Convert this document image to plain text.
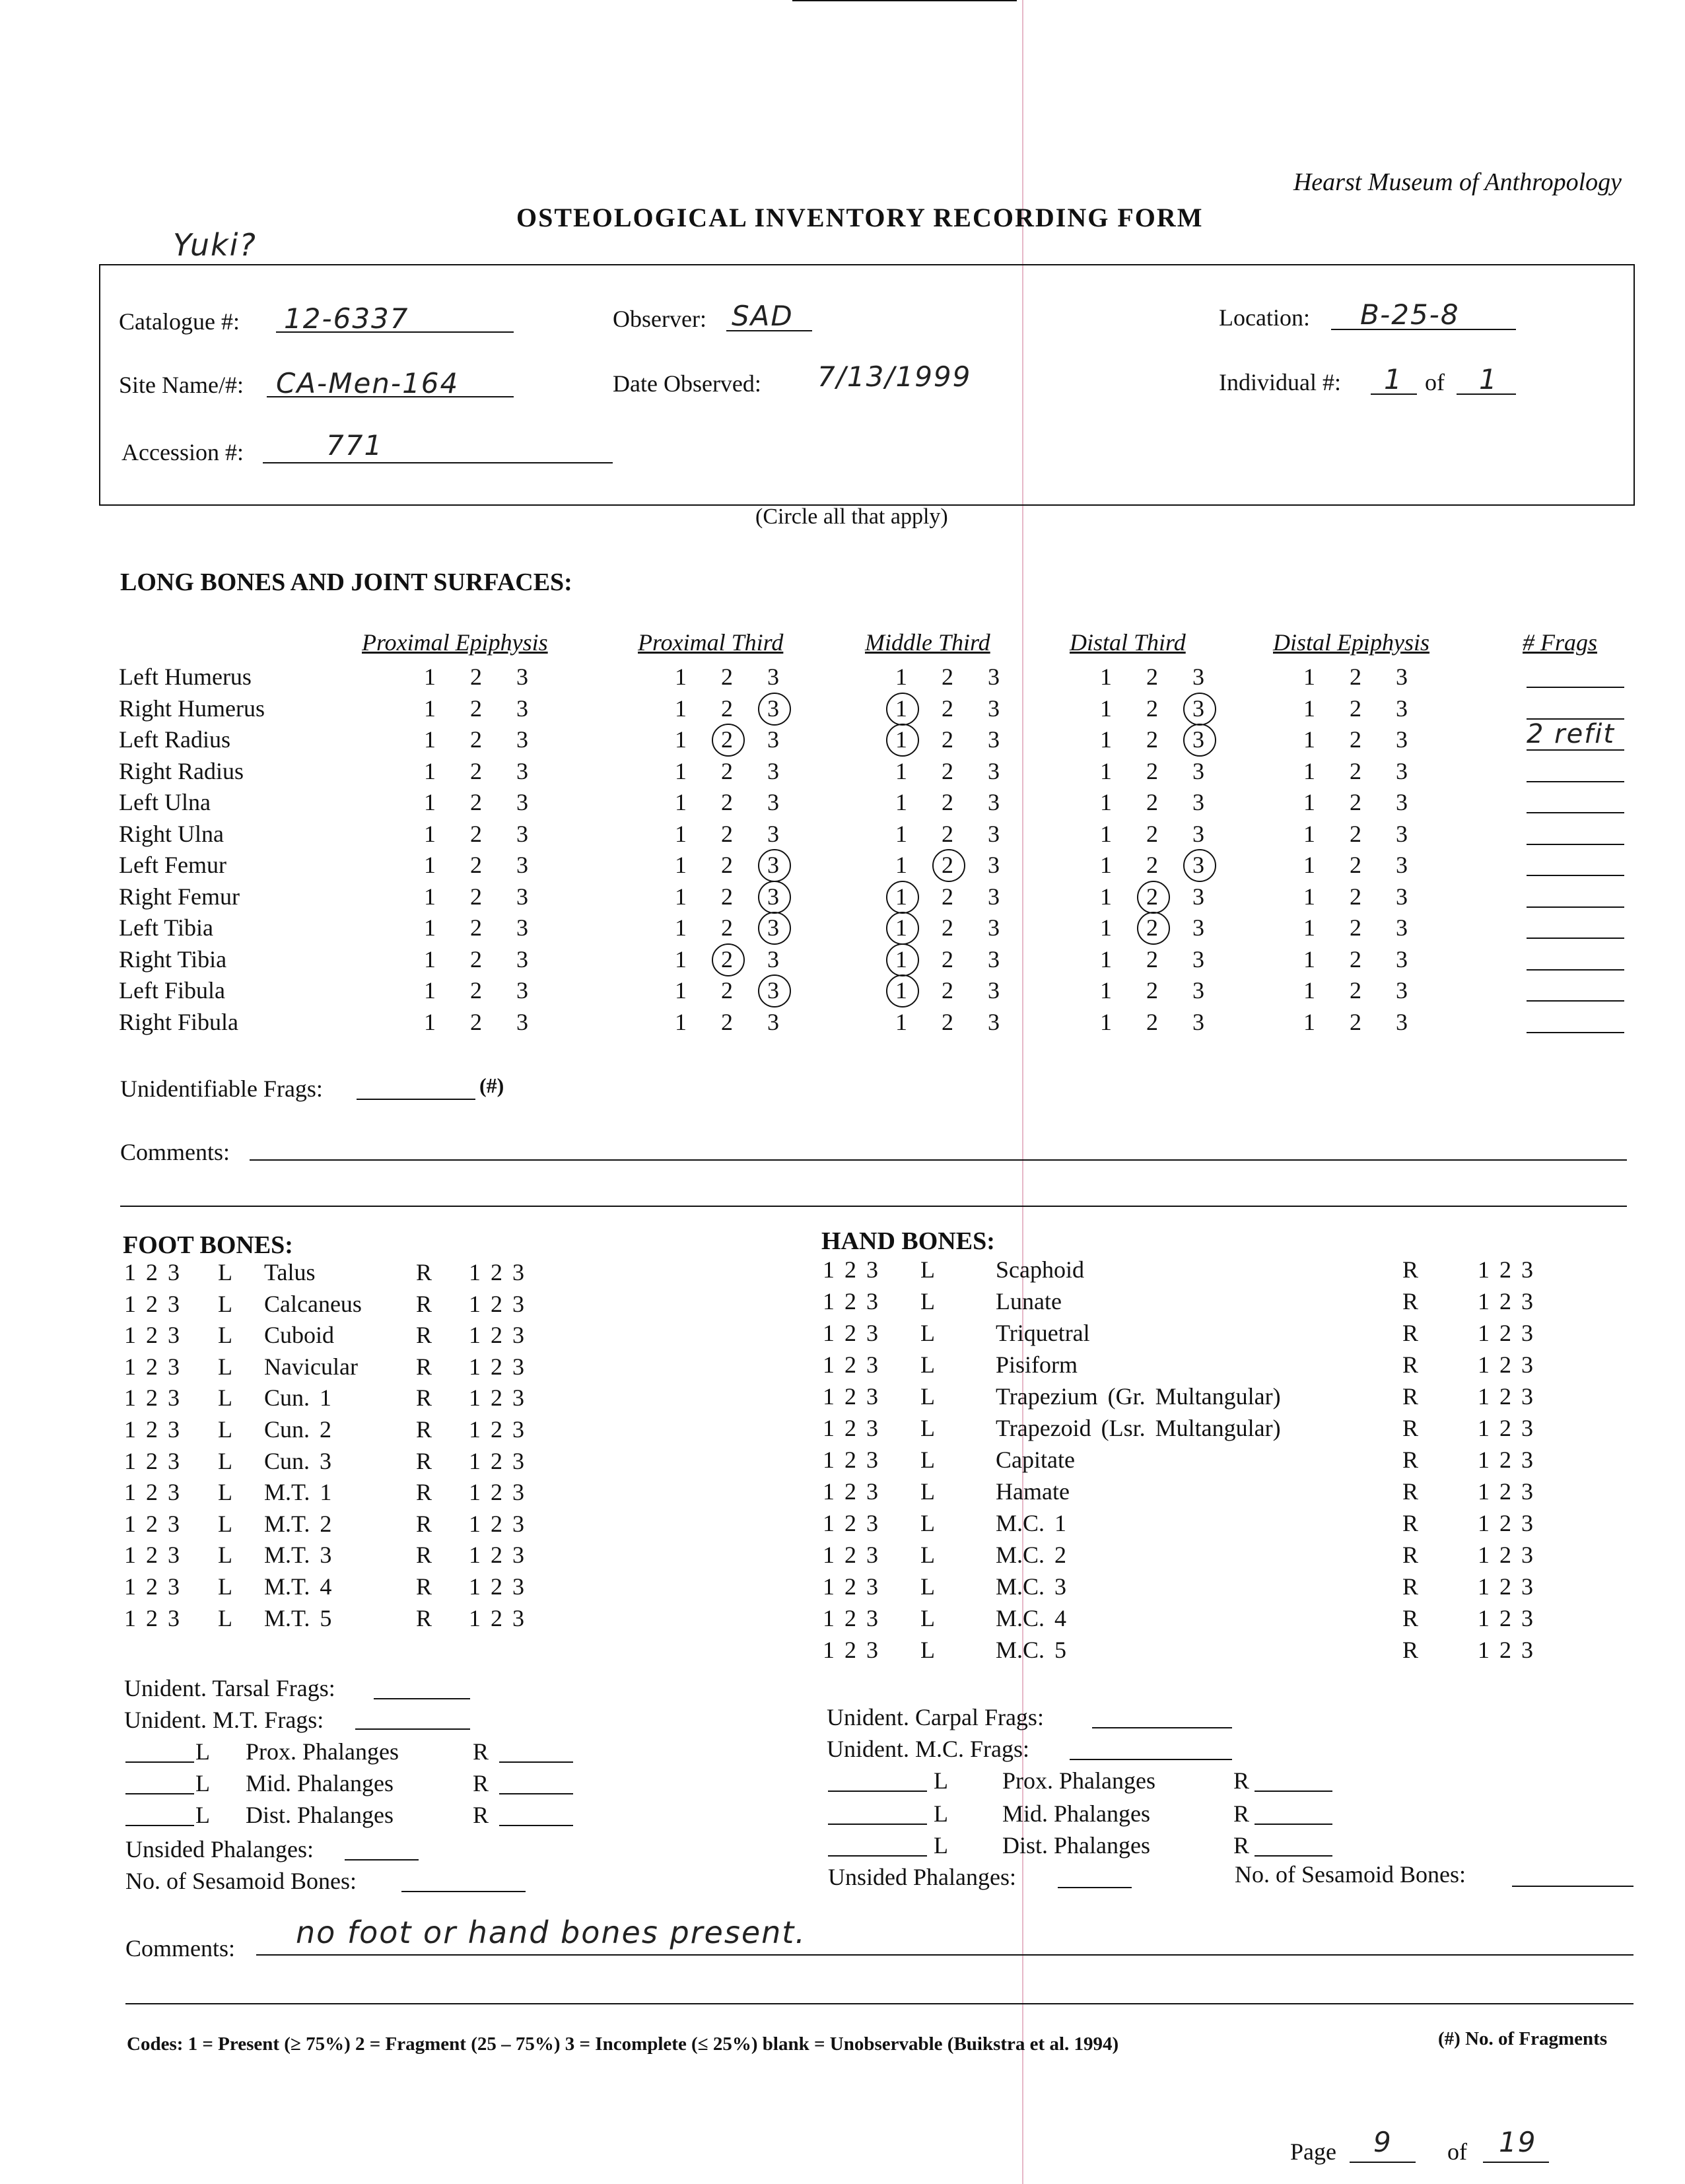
Hearst Museum of Anthropology
OSTEOLOGICAL INVENTORY RECORDING FORM
Yuki?
Catalogue #: 12-6337	Observer: SAD	Location: B-25-8
Site Name/#: CA-Men-164	Date Observed: 7/13/1999	Individual #: 1 of 1
Accession #:	771
(Circle all that apply)
LONG BONES AND JOINT SURFACES:
Proximal Epiphysis	Proximal Third	Middle Third	Distal Third	Distal Epiphysis	# Frags
Left Humerus	1 2 3	1 2 3	1 2 3	1 2 3	1 2 3
Right Humerus	1 2 3	1 2 3	1 2 3	1 2 3	1 2 3
Left Radius	1 2 3	1 2 3	1 2 3	1 2 3	1 2 3	2 refit
Right Radius	1 2 3	1 2 3	1 2 3	1 2 3	1 2 3
Left Ulna	1 2 3	1 2 3	1 2 3	1 2 3	1 2 3
Right Ulna	1 2 3	1 2 3	1 2 3	1 2 3	1 2 3
Left Femur	1 2 3	1 2 3	1 2 3	1 2 3	1 2 3
Right Femur	1 2 3	1 2 3	1 2 3	1 2 3	1 2 3
Left Tibia	1 2 3	1 2 3	1 2 3	1 2 3	1 2 3
Right Tibia	1 2 3	1 2 3	1 2 3	1 2 3	1 2 3
Left Fibula	1 2 3	1 2 3	1 2 3	1 2 3	1 2 3
Right Fibula	1 2 3	1 2 3	1 2 3	1 2 3	1 2 3
Unidentifiable Frags:	(#)
Comments:
FOOT BONES:
1 2 3 L Talus	R 1 2 3
1 2 3 L Calcaneus R 1 2 3
1 2 3 L Cuboid	R 1 2 3
1 2 3 L Navicular R 1 2 3
1 2 3 L Cun. 1	R 1 2 3
1 2 3 L Cun. 2	R 1 2 3
1 2 3 L Cun. 3	R 1 2 3
1 2 3 L M.T. 1	R 1 2 3
1 2 3 L M.T. 2	R 1 2 3
1 2 3 L M.T. 3	R 1 2 3
1 2 3 L M.T. 4	R 1 2 3
1 2 3 L M.T. 5	R 1 2 3
HAND BONES:
1 2 3 L	Scaphoid	R 1 2 3
1 2 3 L	Lunate	R 1 2 3
1 2 3 L	Triquetral	R 1 2 3
1 2 3 L	Pisiform	R 1 2 3
1 2 3 L	Trapezium (Gr. Multangular)	R 1 2 3
1 2 3 L	Trapezoid (Lsr. Multangular)	R 1 2 3
1 2 3 L	Capitate	R 1 2 3
1 2 3 L	Hamate	R 1 2 3
1 2 3 L	M.C. 1	R 1 2 3
1 2 3 L	M.C. 2	R 1 2 3
1 2 3 L	M.C. 3	R 1 2 3
1 2 3 L	M.C. 4	R 1 2 3
1 2 3 L	M.C. 5	R 1 2 3
Unident. Tarsal Frags:
Unident. M.T. Frags:
L Prox. Phalanges	R
L Mid. Phalanges	R
L Dist. Phalanges	R
Unsided Phalanges:
No. of Sesamoid Bones:
Unident. Carpal Frags:
Unident. M.C. Frags:
L Prox. Phalanges	R
L Mid. Phalanges	R
L Dist. Phalanges	R
Unsided Phalanges:	No. of Sesamoid Bones:
Comments: no foot or hand bones present.
Codes: 1 = Present (≥ 75%) 2 = Fragment (25 – 75%) 3 = Incomplete (≤ 25%) blank = Unobservable (Buikstra et al. 1994)	(#) No. of Fragments
Page 9 of 19
